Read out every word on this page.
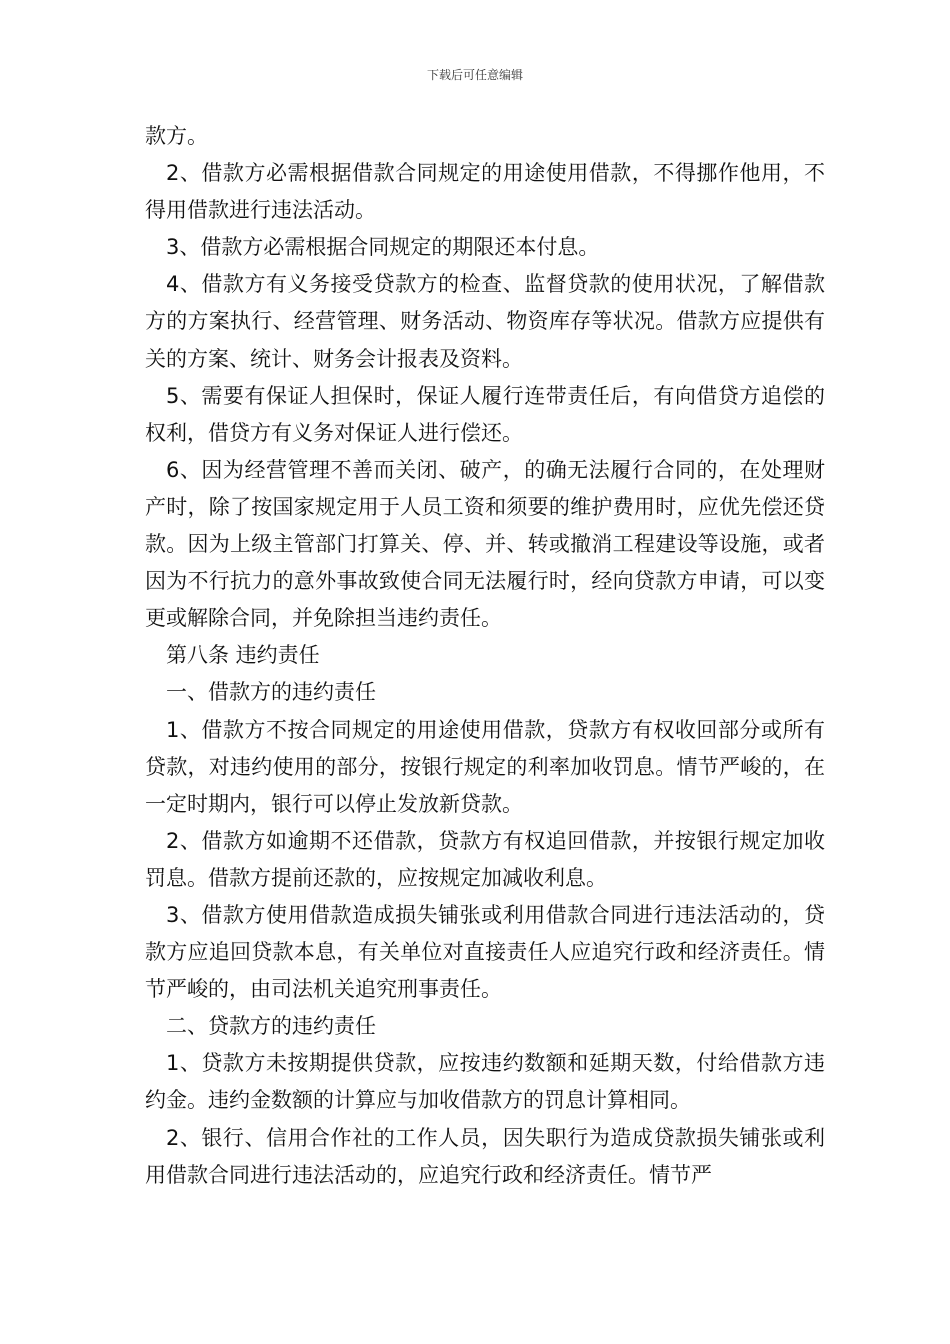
下载后可任意编辑

款方。

2、借款方必需根据借款合同规定的用途使用借款，不得挪作他用，不得用借款进行违法活动。

3、借款方必需根据合同规定的期限还本付息。

4、借款方有义务接受贷款方的检查、监督贷款的使用状况，了解借款方的方案执行、经营管理、财务活动、物资库存等状况。借款方应提供有关的方案、统计、财务会计报表及资料。

5、需要有保证人担保时，保证人履行连带责任后，有向借贷方追偿的权利，借贷方有义务对保证人进行偿还。

6、因为经营管理不善而关闭、破产，的确无法履行合同的，在处理财产时，除了按国家规定用于人员工资和须要的维护费用时，应优先偿还贷款。因为上级主管部门打算关、停、并、转或撤消工程建设等设施，或者因为不行抗力的意外事故致使合同无法履行时，经向贷款方申请，可以变更或解除合同，并免除担当违约责任。

第八条 违约责任

一、借款方的违约责任

1、借款方不按合同规定的用途使用借款，贷款方有权收回部分或所有贷款，对违约使用的部分，按银行规定的利率加收罚息。情节严峻的，在一定时期内，银行可以停止发放新贷款。

2、借款方如逾期不还借款，贷款方有权追回借款，并按银行规定加收罚息。借款方提前还款的，应按规定加减收利息。

3、借款方使用借款造成损失铺张或利用借款合同进行违法活动的，贷款方应追回贷款本息，有关单位对直接责任人应追究行政和经济责任。情节严峻的，由司法机关追究刑事责任。

二、贷款方的违约责任

1、贷款方未按期提供贷款，应按违约数额和延期天数，付给借款方违约金。违约金数额的计算应与加收借款方的罚息计算相同。

2、银行、信用合作社的工作人员，因失职行为造成贷款损失铺张或利用借款合同进行违法活动的，应追究行政和经济责任。情节严
